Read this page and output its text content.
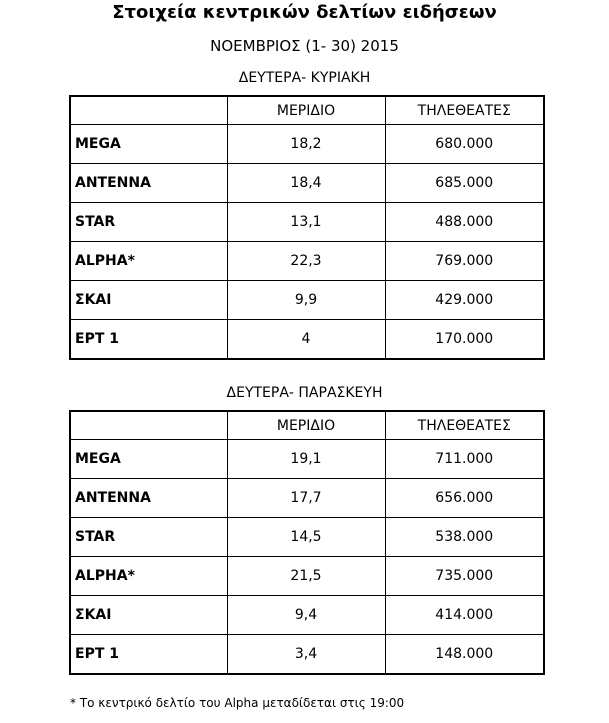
Στοιχεία κεντρικών δελτίων ειδήσεων
ΝΟΕΜΒΡΙΟΣ (1- 30) 2015
ΔΕΥΤΕΡΑ- ΚΥΡΙΑΚΗ
	ΜΕΡΙΔΙΟ	ΤΗΛΕΘΕΑΤΕΣ
MEGA	18,2	680.000
ANTENNA	18,4	685.000
STAR	13,1	488.000
ALPHA*	22,3	769.000
ΣΚΑΙ	9,9	429.000
ΕΡΤ 1	4	170.000
ΔΕΥΤΕΡΑ- ΠΑΡΑΣΚΕΥΗ
	ΜΕΡΙΔΙΟ	ΤΗΛΕΘΕΑΤΕΣ
MEGA	19,1	711.000
ANTENNA	17,7	656.000
STAR	14,5	538.000
ALPHA*	21,5	735.000
ΣΚΑΙ	9,4	414.000
ΕΡΤ 1	3,4	148.000
* Το κεντρικό δελτίο του Alpha μεταδίδεται στις 19:00
